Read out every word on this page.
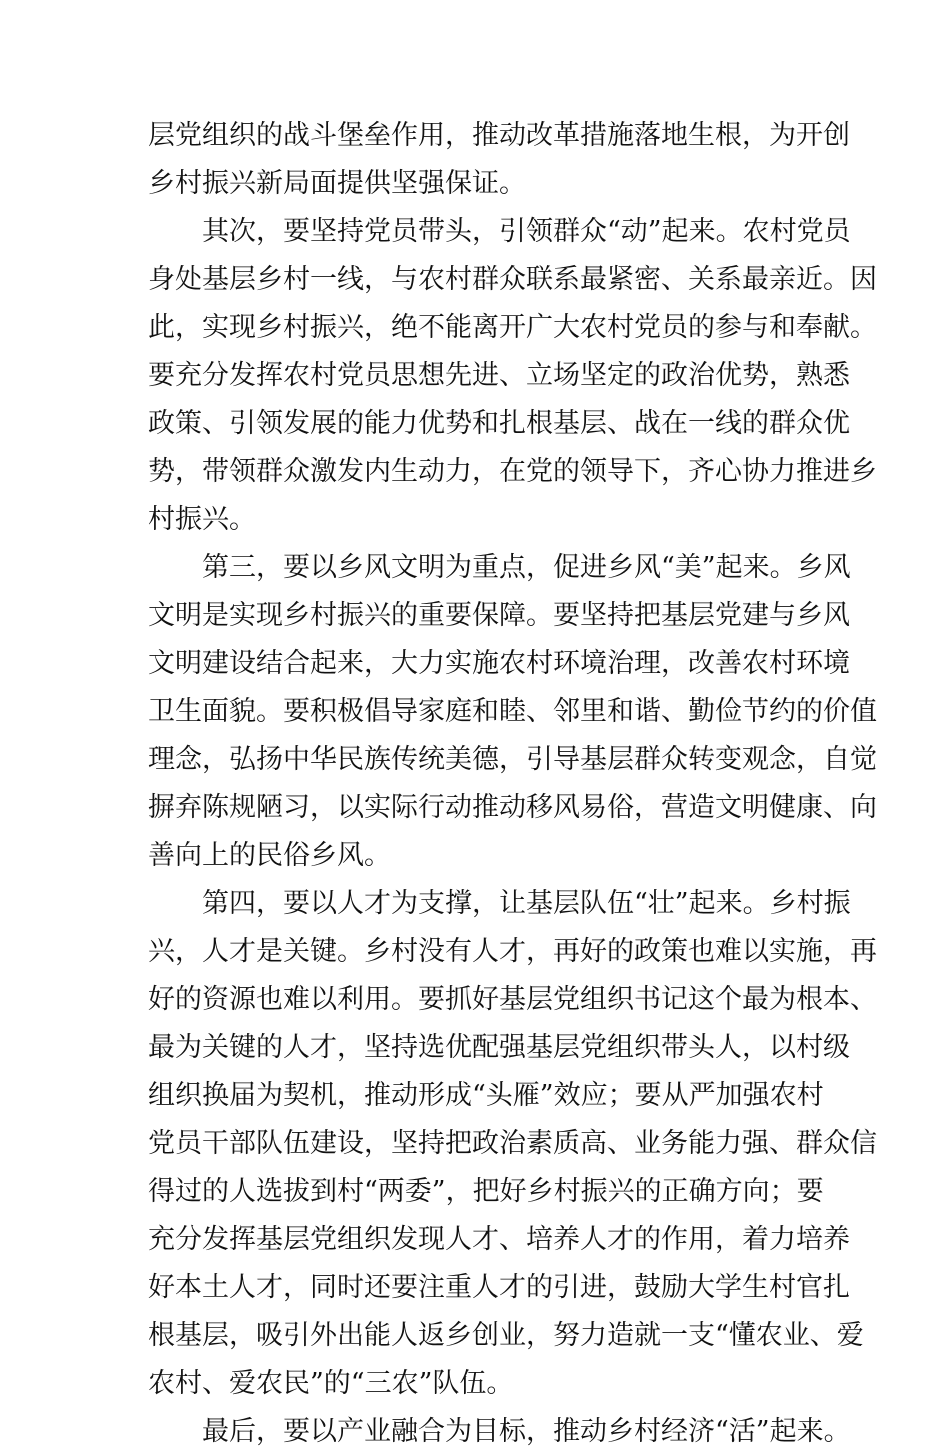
层党组织的战斗堡垒作用，推动改革措施落地生根，为开创
乡村振兴新局面提供坚强保证。
其次，要坚持党员带头，引领群众“动”起来。农村党员
身处基层乡村一线，与农村群众联系最紧密、关系最亲近。因
此，实现乡村振兴，绝不能离开广大农村党员的参与和奉献。
要充分发挥农村党员思想先进、立场坚定的政治优势，熟悉
政策、引领发展的能力优势和扎根基层、战在一线的群众优
势，带领群众激发内生动力，在党的领导下，齐心协力推进乡
村振兴。
第三，要以乡风文明为重点，促进乡风“美”起来。乡风
文明是实现乡村振兴的重要保障。要坚持把基层党建与乡风
文明建设结合起来，大力实施农村环境治理，改善农村环境
卫生面貌。要积极倡导家庭和睦、邻里和谐、勤俭节约的价值
理念，弘扬中华民族传统美德，引导基层群众转变观念，自觉
摒弃陈规陋习，以实际行动推动移风易俗，营造文明健康、向
善向上的民俗乡风。
第四，要以人才为支撑，让基层队伍“壮”起来。乡村振
兴，人才是关键。乡村没有人才，再好的政策也难以实施，再
好的资源也难以利用。要抓好基层党组织书记这个最为根本、
最为关键的人才，坚持选优配强基层党组织带头人，以村级
组织换届为契机，推动形成“头雁”效应；要从严加强农村
党员干部队伍建设，坚持把政治素质高、业务能力强、群众信
得过的人选拔到村“两委”，把好乡村振兴的正确方向；要
充分发挥基层党组织发现人才、培养人才的作用，着力培养
好本土人才，同时还要注重人才的引进，鼓励大学生村官扎
根基层，吸引外出能人返乡创业，努力造就一支“懂农业、爱
农村、爱农民”的“三农”队伍。
最后，要以产业融合为目标，推动乡村经济“活”起来。
